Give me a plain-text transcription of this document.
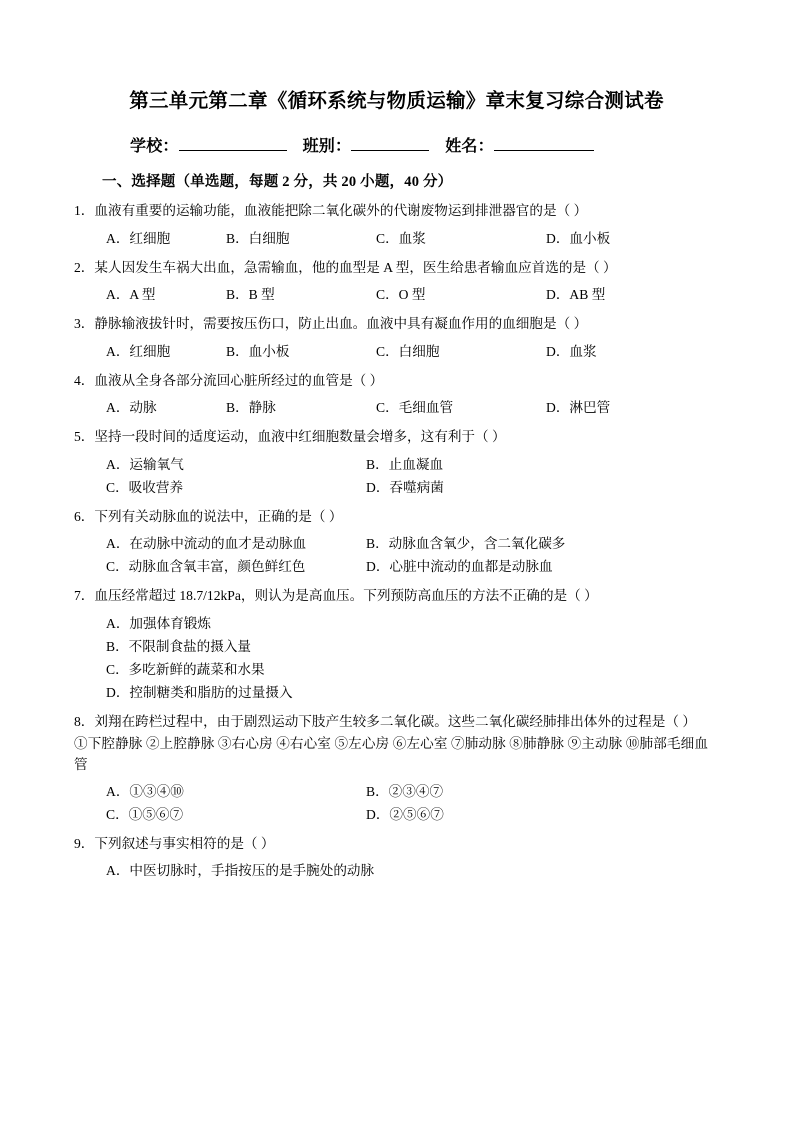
第三单元第二章《循环系统与物质运输》章末复习综合测试卷
学校：	班别：	姓名：
一、选择题（单选题，每题 2 分，共 20 小题，40 分）
1．血液有重要的运输功能，血液能把除二氧化碳外的代谢废物运到排泄器官的是（ ）
A．红细胞	B．白细胞	C．血浆	D．血小板
2．某人因发生车祸大出血，急需输血，他的血型是 A 型，医生给患者输血应首选的是（ ）
A．A 型	B．B 型	C．O 型	D．AB 型
3．静脉输液拔针时，需要按压伤口，防止出血。血液中具有凝血作用的血细胞是（ ）
A．红细胞	B．血小板	C．白细胞	D．血浆
4．血液从全身各部分流回心脏所经过的血管是（ ）
A．动脉	B．静脉	C．毛细血管	D．淋巴管
5．坚持一段时间的适度运动，血液中红细胞数量会增多，这有利于（ ）
A．运输氧气	B．止血凝血
C．吸收营养	D．吞噬病菌
6．下列有关动脉血的说法中，正确的是（ ）
A．在动脉中流动的血才是动脉血	B．动脉血含氧少，含二氧化碳多
C．动脉血含氧丰富，颜色鲜红色	D．心脏中流动的血都是动脉血
7．血压经常超过 18.7/12kPa，则认为是高血压。下列预防高血压的方法不正确的是（ ）
A．加强体育锻炼
B．不限制食盐的摄入量
C．多吃新鲜的蔬菜和水果
D．控制糖类和脂肪的过量摄入
8．刘翔在跨栏过程中，由于剧烈运动下肢产生较多二氧化碳。这些二氧化碳经肺排出体外的过程是（ ）
①下腔静脉 ②上腔静脉 ③右心房 ④右心室 ⑤左心房 ⑥左心室 ⑦肺动脉 ⑧肺静脉 ⑨主动脉 ⑩肺部毛细血管
A．①③④⑩	B．②③④⑦
C．①⑤⑥⑦	D．②⑤⑥⑦
9．下列叙述与事实相符的是（ ）
A．中医切脉时，手指按压的是手腕处的动脉
